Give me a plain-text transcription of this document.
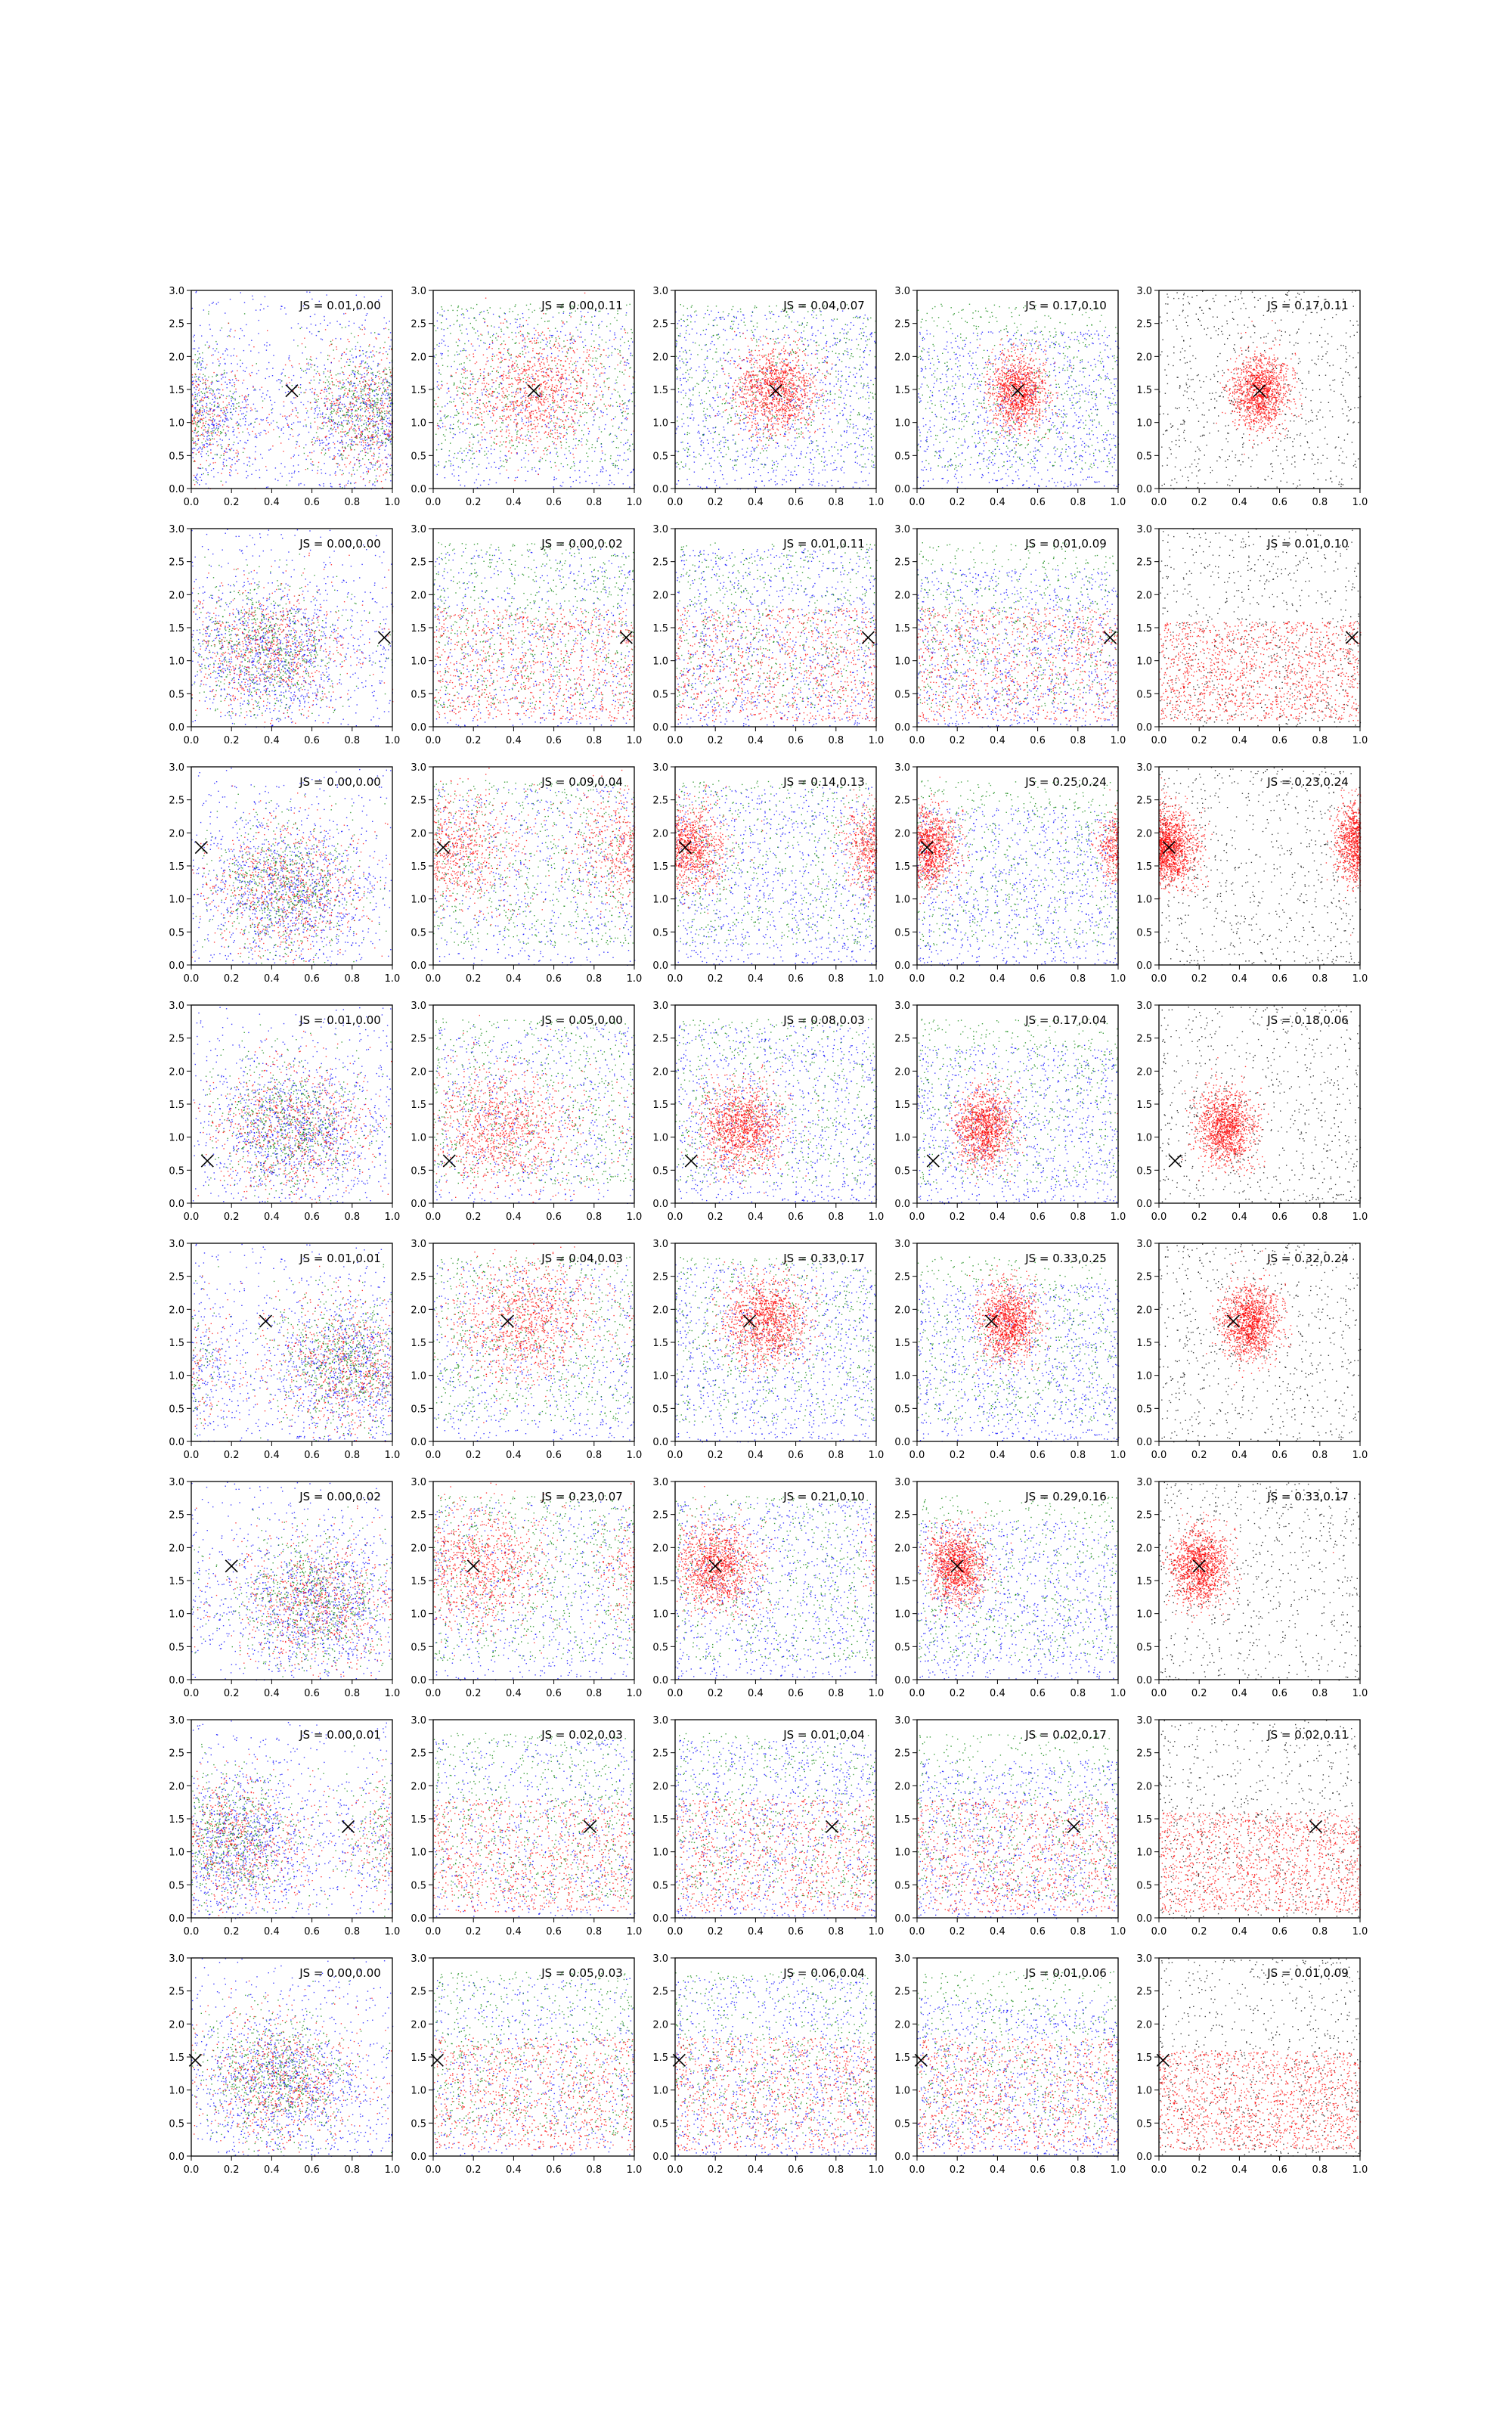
0.0	0.2	0.4	0.6	0.8	1.0
0.0
0.5
1.0
1.5
2.0
2.5
3.0
JS = 0.01,0.00
0.0	0.2	0.4	0.6	0.8	1.0
0.0
0.5
1.0
1.5
2.0
2.5
3.0
JS = 0.00,0.11
0.0	0.2	0.4	0.6	0.8	1.0
0.0
0.5
1.0
1.5
2.0
2.5
3.0
JS = 0.04,0.07
0.0	0.2	0.4	0.6	0.8	1.0
0.0
0.5
1.0
1.5
2.0
2.5
3.0
JS = 0.17,0.10
0.0	0.2	0.4	0.6	0.8	1.0
0.0
0.5
1.0
1.5
2.0
2.5
3.0
JS = 0.17,0.11
0.0	0.2	0.4	0.6	0.8	1.0
0.0
0.5
1.0
1.5
2.0
2.5
3.0
JS = 0.00,0.00
0.0	0.2	0.4	0.6	0.8	1.0
0.0
0.5
1.0
1.5
2.0
2.5
3.0
JS = 0.00,0.02
0.0	0.2	0.4	0.6	0.8	1.0
0.0
0.5
1.0
1.5
2.0
2.5
3.0
JS = 0.01,0.11
0.0	0.2	0.4	0.6	0.8	1.0
0.0
0.5
1.0
1.5
2.0
2.5
3.0
JS = 0.01,0.09
0.0	0.2	0.4	0.6	0.8	1.0
0.0
0.5
1.0
1.5
2.0
2.5
3.0
JS = 0.01,0.10
0.0	0.2	0.4	0.6	0.8	1.0
0.0
0.5
1.0
1.5
2.0
2.5
3.0
JS = 0.00,0.00
0.0	0.2	0.4	0.6	0.8	1.0
0.0
0.5
1.0
1.5
2.0
2.5
3.0
JS = 0.09,0.04
0.0	0.2	0.4	0.6	0.8	1.0
0.0
0.5
1.0
1.5
2.0
2.5
3.0
JS = 0.14,0.13
0.0	0.2	0.4	0.6	0.8	1.0
0.0
0.5
1.0
1.5
2.0
2.5
3.0
JS = 0.25,0.24
0.0	0.2	0.4	0.6	0.8	1.0
0.0
0.5
1.0
1.5
2.0
2.5
3.0
JS = 0.23,0.24
0.0	0.2	0.4	0.6	0.8	1.0
0.0
0.5
1.0
1.5
2.0
2.5
3.0
JS = 0.01,0.00
0.0	0.2	0.4	0.6	0.8	1.0
0.0
0.5
1.0
1.5
2.0
2.5
3.0
JS = 0.05,0.00
0.0	0.2	0.4	0.6	0.8	1.0
0.0
0.5
1.0
1.5
2.0
2.5
3.0
JS = 0.08,0.03
0.0	0.2	0.4	0.6	0.8	1.0
0.0
0.5
1.0
1.5
2.0
2.5
3.0
JS = 0.17,0.04
0.0	0.2	0.4	0.6	0.8	1.0
0.0
0.5
1.0
1.5
2.0
2.5
3.0
JS = 0.18,0.06
0.0	0.2	0.4	0.6	0.8	1.0
0.0
0.5
1.0
1.5
2.0
2.5
3.0
JS = 0.01,0.01
0.0	0.2	0.4	0.6	0.8	1.0
0.0
0.5
1.0
1.5
2.0
2.5
3.0
JS = 0.04,0.03
0.0	0.2	0.4	0.6	0.8	1.0
0.0
0.5
1.0
1.5
2.0
2.5
3.0
JS = 0.33,0.17
0.0	0.2	0.4	0.6	0.8	1.0
0.0
0.5
1.0
1.5
2.0
2.5
3.0
JS = 0.33,0.25
0.0	0.2	0.4	0.6	0.8	1.0
0.0
0.5
1.0
1.5
2.0
2.5
3.0
JS = 0.32,0.24
0.0	0.2	0.4	0.6	0.8	1.0
0.0
0.5
1.0
1.5
2.0
2.5
3.0
JS = 0.00,0.02
0.0	0.2	0.4	0.6	0.8	1.0
0.0
0.5
1.0
1.5
2.0
2.5
3.0
JS = 0.23,0.07
0.0	0.2	0.4	0.6	0.8	1.0
0.0
0.5
1.0
1.5
2.0
2.5
3.0
JS = 0.21,0.10
0.0	0.2	0.4	0.6	0.8	1.0
0.0
0.5
1.0
1.5
2.0
2.5
3.0
JS = 0.29,0.16
0.0	0.2	0.4	0.6	0.8	1.0
0.0
0.5
1.0
1.5
2.0
2.5
3.0
JS = 0.33,0.17
0.0	0.2	0.4	0.6	0.8	1.0
0.0
0.5
1.0
1.5
2.0
2.5
3.0
JS = 0.00,0.01
0.0	0.2	0.4	0.6	0.8	1.0
0.0
0.5
1.0
1.5
2.0
2.5
3.0
JS = 0.02,0.03
0.0	0.2	0.4	0.6	0.8	1.0
0.0
0.5
1.0
1.5
2.0
2.5
3.0
JS = 0.01,0.04
0.0	0.2	0.4	0.6	0.8	1.0
0.0
0.5
1.0
1.5
2.0
2.5
3.0
JS = 0.02,0.17
0.0	0.2	0.4	0.6	0.8	1.0
0.0
0.5
1.0
1.5
2.0
2.5
3.0
JS = 0.02,0.11
0.0	0.2	0.4	0.6	0.8	1.0
0.0
0.5
1.0
1.5
2.0
2.5
3.0
JS = 0.00,0.00
0.0	0.2	0.4	0.6	0.8	1.0
0.0
0.5
1.0
1.5
2.0
2.5
3.0
JS = 0.05,0.03
0.0	0.2	0.4	0.6	0.8	1.0
0.0
0.5
1.0
1.5
2.0
2.5
3.0
JS = 0.06,0.04
0.0	0.2	0.4	0.6	0.8	1.0
0.0
0.5
1.0
1.5
2.0
2.5
3.0
JS = 0.01,0.06
0.0	0.2	0.4	0.6	0.8	1.0
0.0
0.5
1.0
1.5
2.0
2.5
3.0
JS = 0.01,0.09
